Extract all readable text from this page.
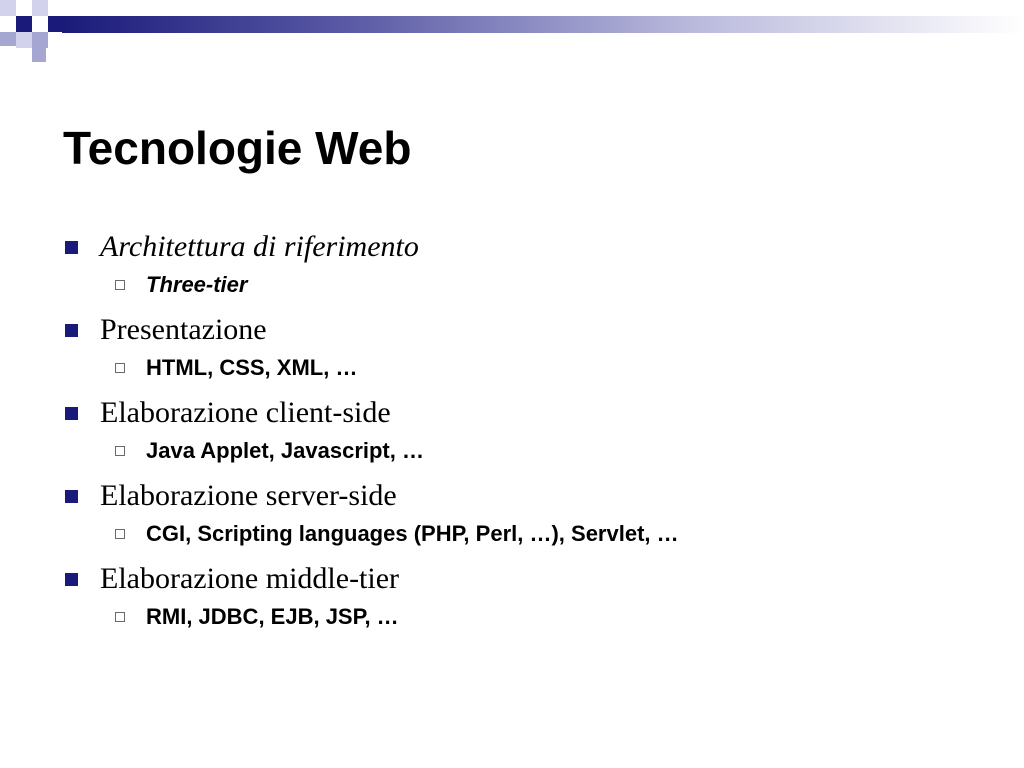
Tecnologie Web
Architettura di riferimento
Three-tier
Presentazione
HTML, CSS, XML, …
Elaborazione client-side
Java Applet, Javascript, …
Elaborazione server-side
CGI, Scripting languages (PHP, Perl, …), Servlet, …
Elaborazione middle-tier
RMI, JDBC, EJB, JSP, …
